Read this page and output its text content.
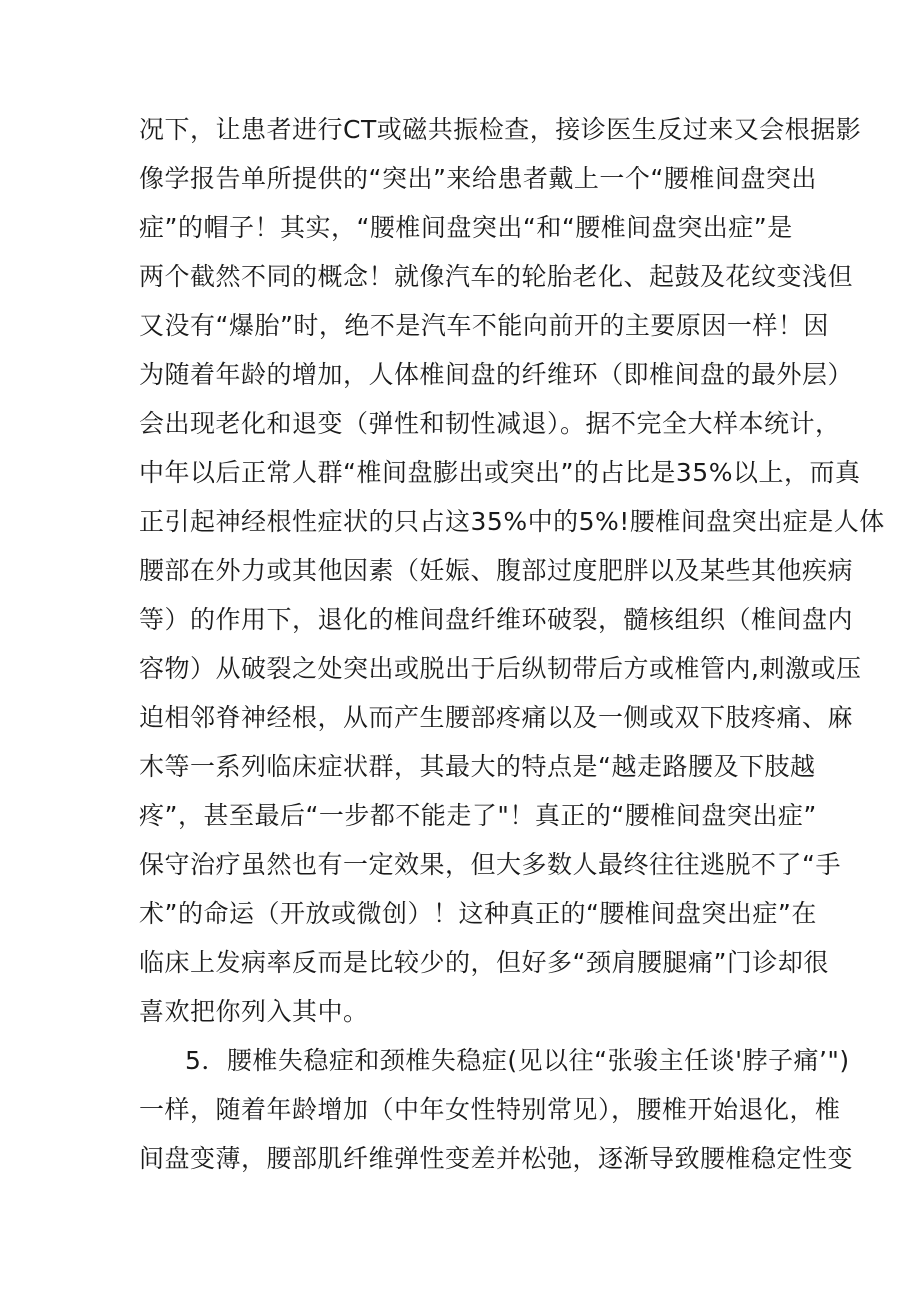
况下，让患者进行CT或磁共振检查，接诊医生反过来又会根据影
像学报告单所提供的“突出”来给患者戴上一个“腰椎间盘突出
症”的帽子！其实，“腰椎间盘突出“和“腰椎间盘突出症”是
两个截然不同的概念！就像汽车的轮胎老化、起鼓及花纹变浅但
又没有“爆胎”时，绝不是汽车不能向前开的主要原因一样！因
为随着年龄的增加，人体椎间盘的纤维环（即椎间盘的最外层）
会出现老化和退变（弹性和韧性减退）。据不完全大样本统计，
中年以后正常人群“椎间盘膨出或突出”的占比是35%以上，而真
正引起神经根性症状的只占这35%中的5%!腰椎间盘突出症是人体
腰部在外力或其他因素（妊娠、腹部过度肥胖以及某些其他疾病
等）的作用下，退化的椎间盘纤维环破裂，髓核组织（椎间盘内
容物）从破裂之处突出或脱出于后纵韧带后方或椎管内,刺激或压
迫相邻脊神经根，从而产生腰部疼痛以及一侧或双下肢疼痛、麻
木等一系列临床症状群，其最大的特点是“越走路腰及下肢越
疼”，甚至最后“一步都不能走了"！真正的“腰椎间盘突出症”
保守治疗虽然也有一定效果，但大多数人最终往往逃脱不了“手
术”的命运（开放或微创）！这种真正的“腰椎间盘突出症”在
临床上发病率反而是比较少的，但好多“颈肩腰腿痛”门诊却很
喜欢把你列入其中。
5．腰椎失稳症和颈椎失稳症(见以往“张骏主任谈'脖子痛’")
一样，随着年龄增加（中年女性特别常见），腰椎开始退化，椎
间盘变薄，腰部肌纤维弹性变差并松弛，逐渐导致腰椎稳定性变
